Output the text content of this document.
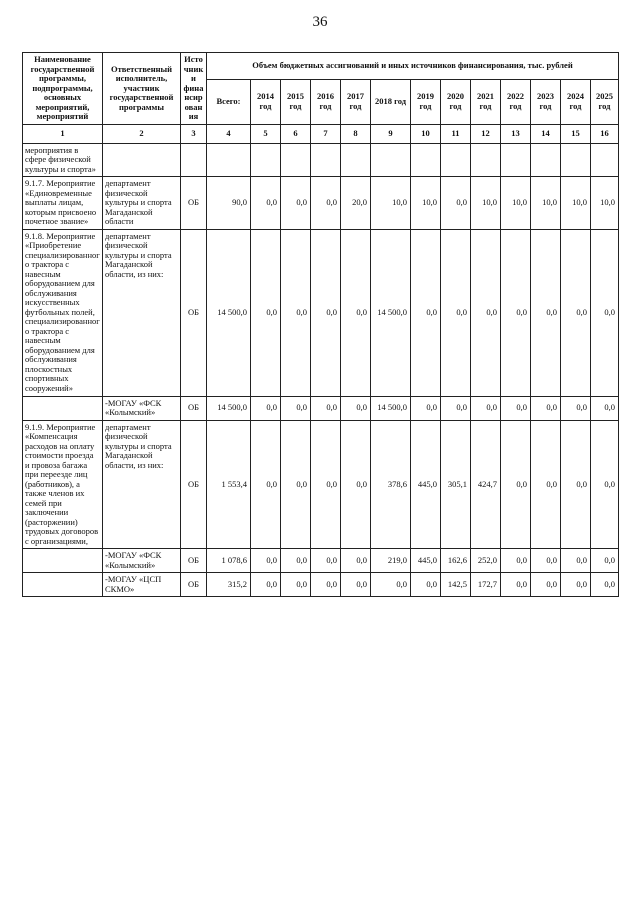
36
Наименование государственной программы, подпрограммы, основных мероприятий, мероприятий	Ответственный исполнитель, участник государственной программы	Источники финансирования	Объем бюджетных ассигнований и иных источников финансирования, тыс. рублей												
			Всего:	2014 год	2015 год	2016 год	2017 год	2018 год	2019 год	2020 год	2021 год	2022 год	2023 год	2024 год	2025 год
1	2	3	4	5	6	7	8	9	10	11	12	13	14	15	16
мероприятия в сфере физической культуры и спорта»															
9.1.7. Мероприятие «Единовременные выплаты лицам, которым присвоено почетное звание»	департамент физической культуры и спорта Магаданской области	ОБ	90,0	0,0	0,0	0,0	20,0	10,0	10,0	0,0	10,0	10,0	10,0	10,0	10,0
9.1.8. Мероприятие «Приобретение специализированного трактора с навесным оборудованием для обслуживания искусственных футбольных полей, специализированного трактора с навесным оборудованием для обслуживания плоскостных спортивных сооружений»	департамент физической культуры и спорта Магаданской области, из них:	ОБ	14 500,0	0,0	0,0	0,0	0,0	14 500,0	0,0	0,0	0,0	0,0	0,0	0,0	0,0
	-МОГАУ «ФСК «Колымский»	ОБ	14 500,0	0,0	0,0	0,0	0,0	14 500,0	0,0	0,0	0,0	0,0	0,0	0,0	0,0
9.1.9. Мероприятие «Компенсация расходов на оплату стоимости проезда и провоза багажа при переезде лиц (работников), а также членов их семей при заключении (расторжении) трудовых договоров с организациями,	департамент физической культуры и спорта Магаданской области, из них:	ОБ	1 553,4	0,0	0,0	0,0	0,0	378,6	445,0	305,1	424,7	0,0	0,0	0,0	0,0
	-МОГАУ «ФСК «Колымский»	ОБ	1 078,6	0,0	0,0	0,0	0,0	219,0	445,0	162,6	252,0	0,0	0,0	0,0	0,0
	-МОГАУ «ЦСП СКМО»	ОБ	315,2	0,0	0,0	0,0	0,0	0,0	0,0	142,5	172,7	0,0	0,0	0,0	0,0
